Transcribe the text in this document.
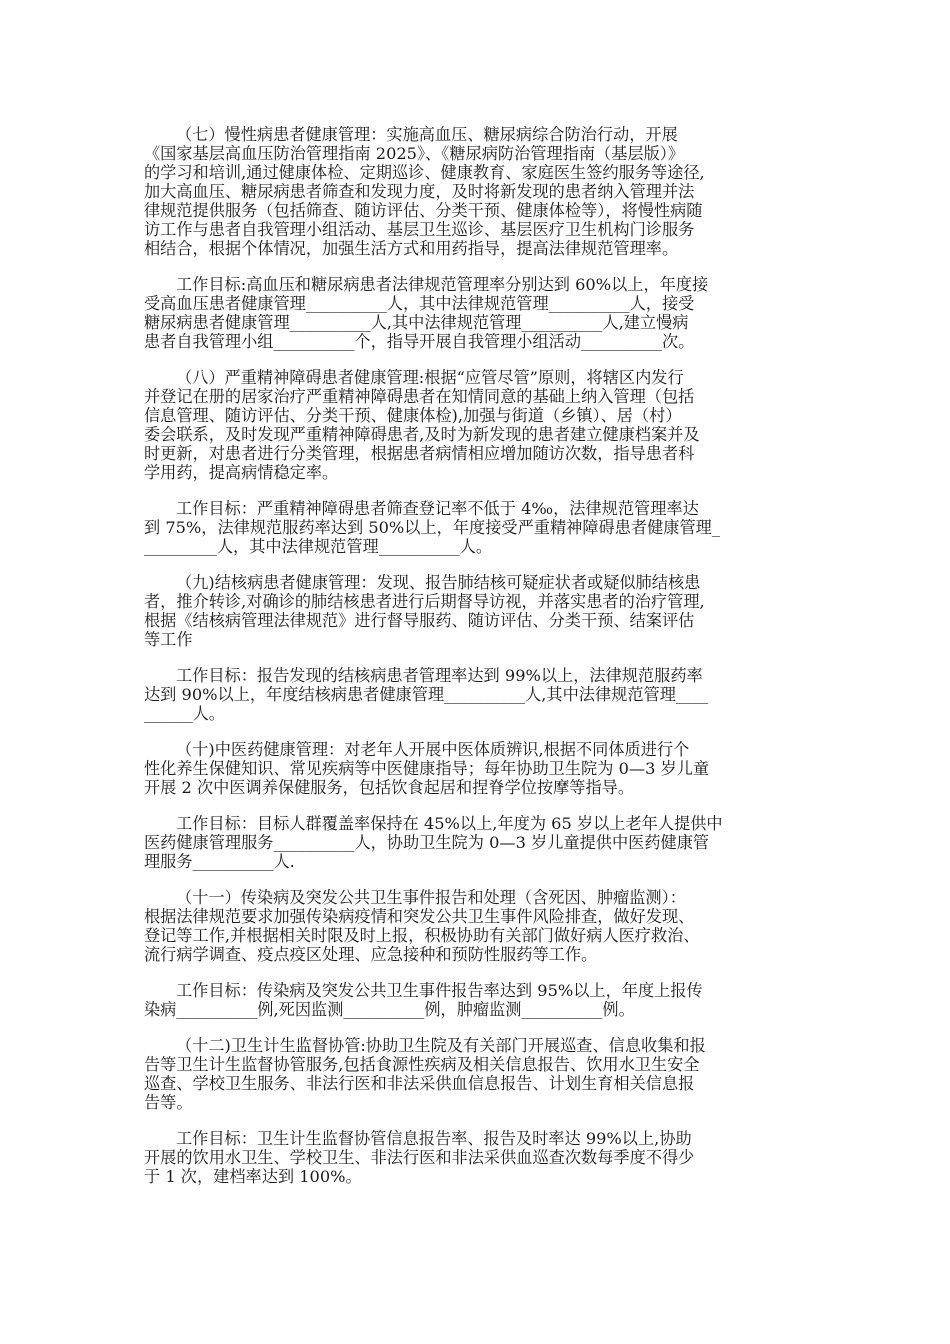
（七）慢性病患者健康管理：实施高血压、糖尿病综合防治行动，开展
《国家基层高血压防治管理指南 2025》、《糖尿病防治管理指南（基层版）》
的学习和培训,通过健康体检、定期巡诊、健康教育、家庭医生签约服务等途径,
加大高血压、糖尿病患者筛查和发现力度，及时将新发现的患者纳入管理并法
律规范提供服务（包括筛查、随访评估、分类干预、健康体检等），将慢性病随
访工作与患者自我管理小组活动、基层卫生巡诊、基层医疗卫生机构门诊服务
相结合，根据个体情况，加强生活方式和用药指导，提高法律规范管理率。

工作目标:高血压和糖尿病患者法律规范管理率分别达到 60%以上，年度接
受高血压患者健康管理__________人，其中法律规范管理__________人，接受
糖尿病患者健康管理__________人,其中法律规范管理__________人,建立慢病
患者自我管理小组__________个，指导开展自我管理小组活动__________次。

（八）严重精神障碍患者健康管理:根据“应管尽管”原则，将辖区内发行
并登记在册的居家治疗严重精神障碍患者在知情同意的基础上纳入管理（包括
信息管理、随访评估、分类干预、健康体检),加强与街道（乡镇）、居（村）
委会联系，及时发现严重精神障碍患者,及时为新发现的患者建立健康档案并及
时更新，对患者进行分类管理，根据患者病情相应增加随访次数，指导患者科
学用药，提高病情稳定率。

工作目标：严重精神障碍患者筛查登记率不低于 4‰，法律规范管理率达
到 75%，法律规范服药率达到 50%以上，年度接受严重精神障碍患者健康管理_
_________人，其中法律规范管理__________人。

（九)结核病患者健康管理：发现、报告肺结核可疑症状者或疑似肺结核患
者，推介转诊,对确诊的肺结核患者进行后期督导访视，并落实患者的治疗管理,
根据《结核病管理法律规范》进行督导服药、随访评估、分类干预、结案评估
等工作

工作目标：报告发现的结核病患者管理率达到 99%以上，法律规范服药率
达到 90%以上，年度结核病患者健康管理__________人,其中法律规范管理____
______人。

（十)中医药健康管理：对老年人开展中医体质辨识,根据不同体质进行个
性化养生保健知识、常见疾病等中医健康指导；每年协助卫生院为 0—3 岁儿童
开展 2 次中医调养保健服务，包括饮食起居和捏脊学位按摩等指导。

工作目标：目标人群覆盖率保持在 45%以上,年度为 65 岁以上老年人提供中
医药健康管理服务__________人，协助卫生院为 0—3 岁儿童提供中医药健康管
理服务__________人.

（十一）传染病及突发公共卫生事件报告和处理（含死因、肿瘤监测）：
根据法律规范要求加强传染病疫情和突发公共卫生事件风险排查，做好发现、
登记等工作,并根据相关时限及时上报，积极协助有关部门做好病人医疗救治、
流行病学调查、疫点疫区处理、应急接种和预防性服药等工作。

工作目标：传染病及突发公共卫生事件报告率达到 95%以上，年度上报传
染病__________例,死因监测__________例，肿瘤监测__________例。

（十二)卫生计生监督协管:协助卫生院及有关部门开展巡查、信息收集和报
告等卫生计生监督协管服务,包括食源性疾病及相关信息报告、饮用水卫生安全
巡查、学校卫生服务、非法行医和非法采供血信息报告、计划生育相关信息报
告等。

工作目标：卫生计生监督协管信息报告率、报告及时率达 99%以上,协助
开展的饮用水卫生、学校卫生、非法行医和非法采供血巡查次数每季度不得少
于 1 次，建档率达到 100%。
